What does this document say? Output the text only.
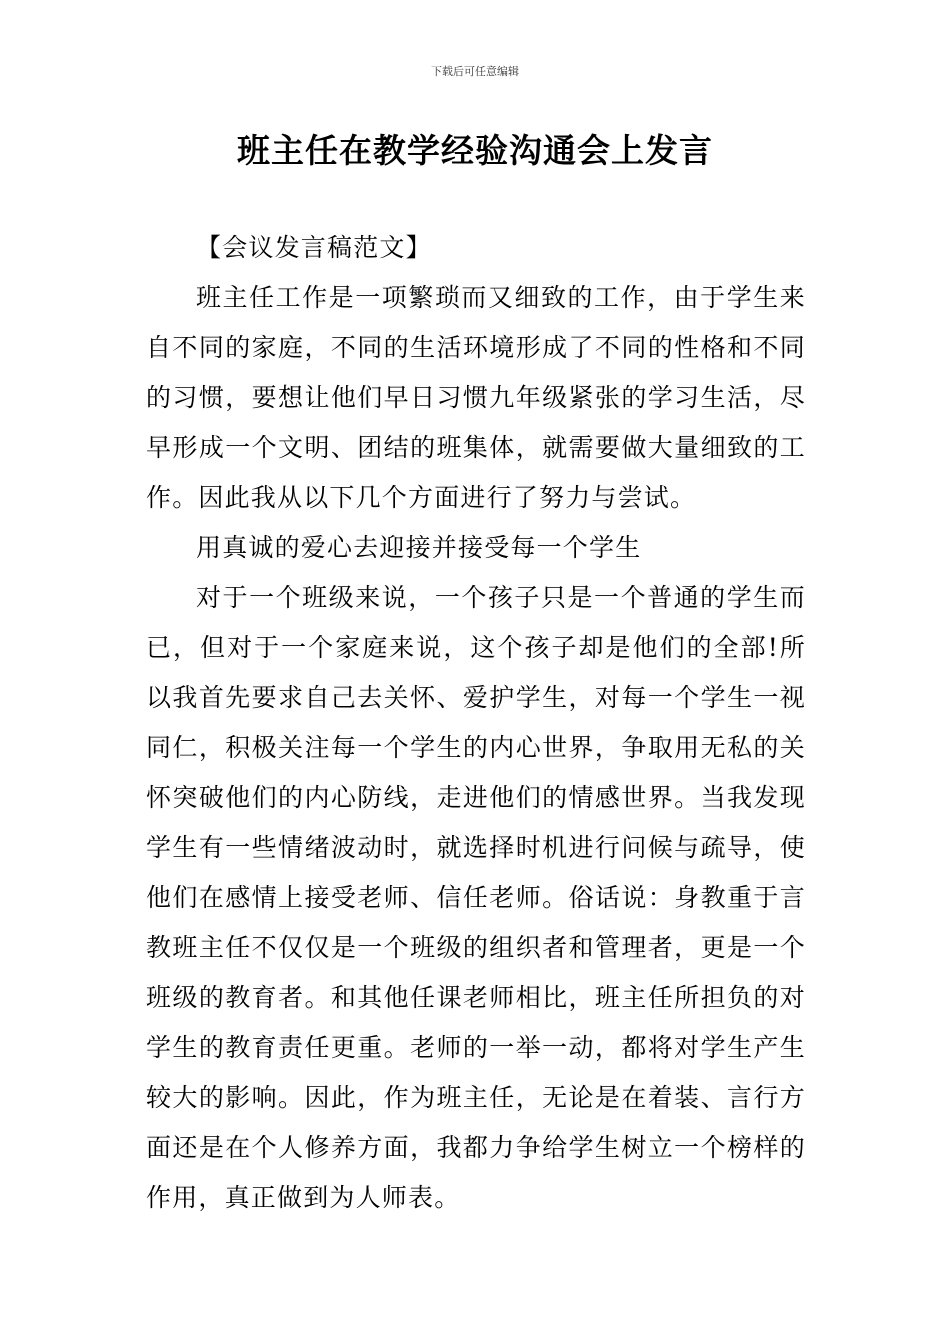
下载后可任意编辑
班主任在教学经验沟通会上发言

【会议发言稿范文】

班主任工作是一项繁琐而又细致的工作，由于学生来自不同的家庭，不同的生活环境形成了不同的性格和不同的习惯，要想让他们早日习惯九年级紧张的学习生活，尽早形成一个文明、团结的班集体，就需要做大量细致的工作。因此我从以下几个方面进行了努力与尝试。

用真诚的爱心去迎接并接受每一个学生

对于一个班级来说，一个孩子只是一个普通的学生而已，但对于一个家庭来说，这个孩子却是他们的全部!所以我首先要求自己去关怀、爱护学生，对每一个学生一视同仁，积极关注每一个学生的内心世界，争取用无私的关怀突破他们的内心防线，走进他们的情感世界。当我发现学生有一些情绪波动时，就选择时机进行问候与疏导，使他们在感情上接受老师、信任老师。俗话说：身教重于言教班主任不仅仅是一个班级的组织者和管理者，更是一个班级的教育者。和其他任课老师相比，班主任所担负的对学生的教育责任更重。老师的一举一动，都将对学生产生较大的影响。因此，作为班主任，无论是在着装、言行方面还是在个人修养方面，我都力争给学生树立一个榜样的作用，真正做到为人师表。
